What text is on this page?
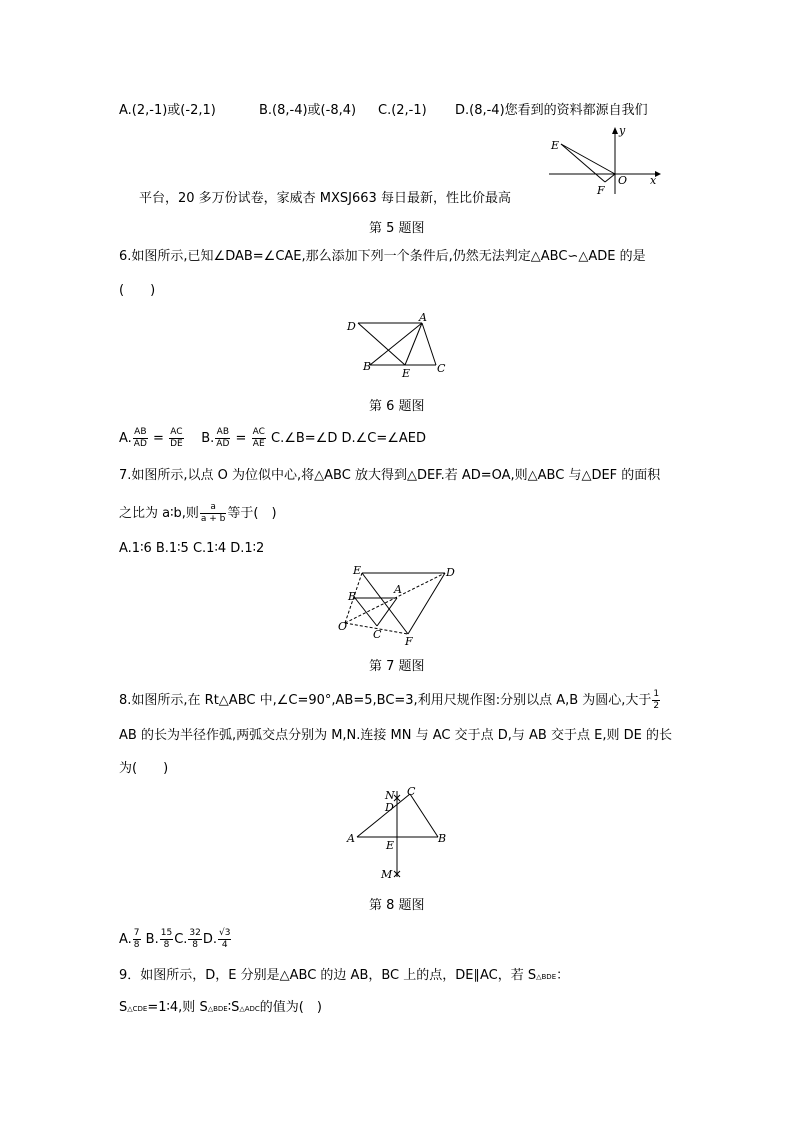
A.(2,-1)或(-2,1)	B.(8,-4)或(-8,4) C.(2,-1) D.(8,-4)您看到的资料都源自我们
E
F
O x
y
平台，20 多万份试卷，家威杏 MXSJ663 每日最新，性比价最高
第 5 题图
6.如图所示,已知∠DAB=∠CAE,那么添加下列一个条件后,仍然无法判定△ABC∽△ADE 的是
(　　)
D
A
B
E C
第 6 题图
A. $\frac{AB}{AD} = \frac{AC}{DE} B$. $\frac{AB}{AD} = \frac{AC}{AE}$ C.∠B=∠D D.∠C=∠AED
7.如图所示,以点 O 为位似中心,将△ABC 放大得到△DEF.若 AD=OA,则△ABC 与△DEF 的面积
之比为 a∶b,则 $\frac{a}{a + b}$ 等于(　)
A.1∶6 B.1∶5 C.1∶4 D.1∶2
E	D
A
B
O
C
F
第 7 题图
8.如图所示,在 Rt△ABC 中,∠C=90°,AB=5,BC=3,利用尺规作图:分别以点 A,B 为圆心,大于 $\frac{1}{2}$
AB 的长为半径作弧,两弧交点分别为 M,N.连接 MN 与 AC 交于点 D,与 AB 交于点 E,则 DE 的长
为(　　)
N C
D
A	B
E
M
第 8 题图
A. $\frac{7}{8} B$. $\frac{15}{8} C$. $\frac{32}{8} D$. $\frac{√3}{4}$
9．如图所示，D，E 分别是△ABC 的边 AB，BC 上的点，DE∥AC，若 S△BDE：
S△CDE=1∶4,则 S△BDE∶S△ADC的值为(　)
